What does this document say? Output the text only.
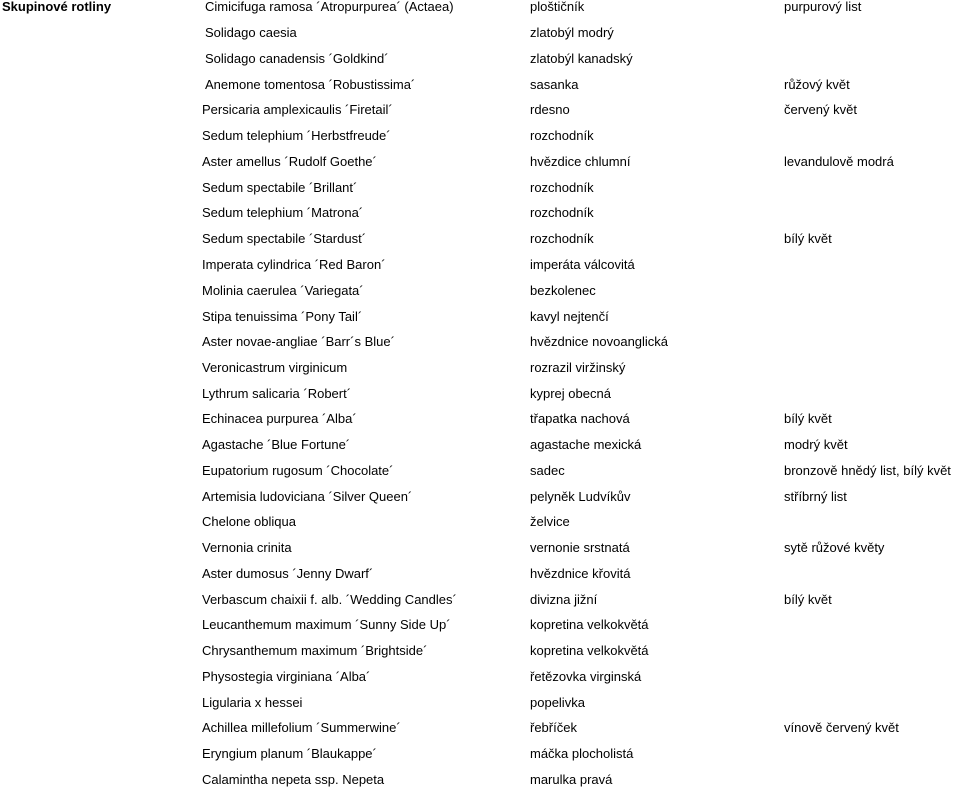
Skupinové rotliny	Cimicifuga ramosa ´Atropurpurea´ (Actaea)	ploštičník	purpurový list
Solidago caesia	zlatobýl modrý
Solidago canadensis ´Goldkind´	zlatobýl kanadský
Anemone tomentosa ´Robustissima´	sasanka	růžový květ
Persicaria amplexicaulis ´Firetail´	rdesno	červený květ
Sedum telephium ´Herbstfreude´	rozchodník
Aster amellus ´Rudolf Goethe´	hvězdice chlumní	levandulově modrá
Sedum spectabile ´Brillant´	rozchodník
Sedum telephium ´Matrona´	rozchodník
Sedum spectabile ´Stardust´	rozchodník	bílý květ
Imperata cylindrica ´Red Baron´	imperáta válcovitá
Molinia caerulea ´Variegata´	bezkolenec
Stipa tenuissima ´Pony Tail´	kavyl nejtenčí
Aster novae-angliae ´Barr´s Blue´	hvězdnice novoanglická
Veronicastrum virginicum	rozrazil viržinský
Lythrum salicaria ´Robert´	kyprej obecná
Echinacea purpurea ´Alba´	třapatka nachová	bílý květ
Agastache ´Blue Fortune´	agastache mexická	modrý květ
Eupatorium rugosum ´Chocolate´	sadec	bronzově hnědý list, bílý květ
Artemisia ludoviciana ´Silver Queen´	pelyněk Ludvíkův	stříbrný list
Chelone obliqua	želvice
Vernonia crinita	vernonie srstnatá	sytě růžové květy
Aster dumosus ´Jenny Dwarf´	hvězdnice křovitá
Verbascum chaixii f. alb. ´Wedding Candles´	divizna jižní	bílý květ
Leucanthemum maximum ´Sunny Side Up´	kopretina velkokvětá
Chrysanthemum maximum ´Brightside´	kopretina velkokvětá
Physostegia virginiana ´Alba´	řetězovka virginská
Ligularia x hessei	popelivka
Achillea millefolium ´Summerwine´	řebříček	vínově červený květ
Eryngium planum ´Blaukappe´	máčka plocholistá
Calamintha nepeta ssp. Nepeta	marulka pravá
